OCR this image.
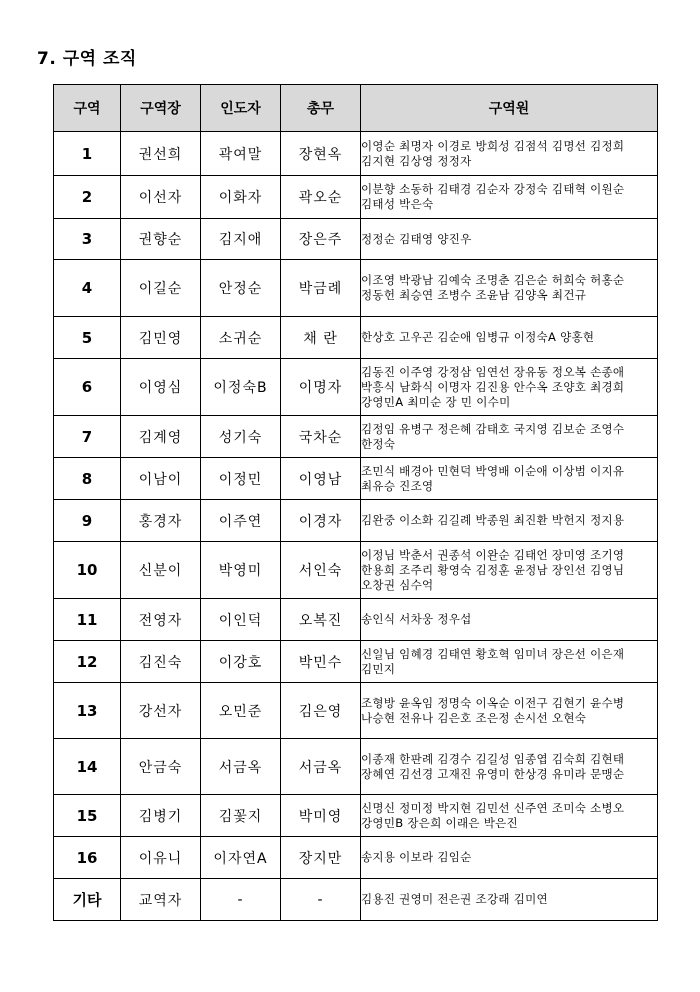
7. 구역 조직
구역	구역장	인도자	총무	구역원
1	권선희	곽여말	장현옥	이영순 최명자 이경로 방희성 김점석 김명선 김정희 김지현 김상영 정정자
2	이선자	이화자	곽오순	이분향 소동하 김태경 김순자 강정숙 김태혁 이원순 김태성 박은숙
3	권향순	김지애	장은주	정정순 김태영 양진우
4	이길순	안정순	박금례	이조영 박광남 김예숙 조명춘 김은순 허희숙 허홍순 정동헌 최승연 조병수 조윤남 김양옥 최건규
5	김민영	소귀순	채 란	한상호 고우곤 김순애 임병규 이정숙A 양홍현
6	이영심	이정숙B	이명자	김동진 이주영 강정삼 임연선 장유동 정오복 손종애 박흥식 남화식 이명자 김진용 안수옥 조양호 최경희 강영민A 최미순 장 민 이수미
7	김계영	성기숙	국차순	김정임 유병구 정은혜 감태호 국지영 김보순 조영수 한정숙
8	이남이	이정민	이영남	조민식 배경아 민현덕 박영배 이순애 이상범 이지유 최유승 진조영
9	홍경자	이주연	이경자	김완중 이소화 김길례 박종원 최진환 박헌지 정지용
10	신분이	박영미	서인숙	이정님 박춘서 권종석 이완순 김태언 장미영 조기영 한용희 조주리 황영숙 김정훈 윤정남 장인선 김영님 오창권 심수억
11	전영자	이인덕	오복진	송인식 서차웅 정우섭
12	김진숙	이강호	박민수	신일님 임혜경 김태연 황호혁 임미녀 장은선 이은재 김민지
13	강선자	오민준	김은영	조형방 윤옥임 정명숙 이옥순 이전구 김현기 윤수병 나승현 전유나 김은호 조은정 손시선 오현숙
14	안금숙	서금옥	서금옥	이종재 한판례 김경수 김길성 임종엽 김숙희 김현태 장혜연 김선경 고재진 유영미 한상경 유미라 문맹순
15	김병기	김꽃지	박미영	신명신 정미정 박지현 김민선 신주연 조미숙 소병오 강영민B 장은희 이래은 박은진
16	이유니	이자연A	장지만	송지용 이보라 김임순
기타	교역자	-	-	김용진 권영미 전은권 조강래 김미연
